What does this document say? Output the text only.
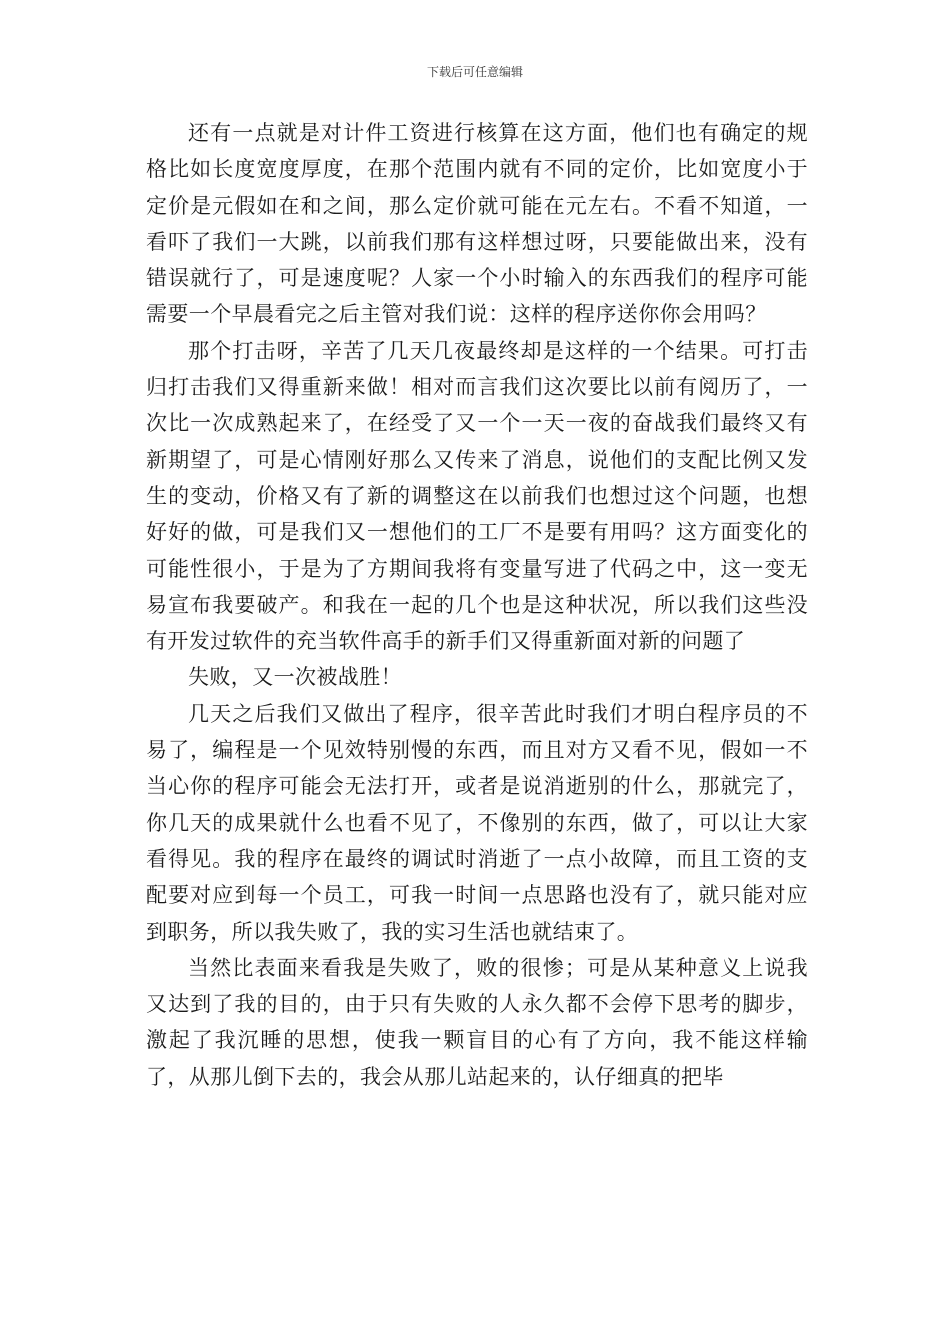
下载后可任意编辑

还有一点就是对计件工资进行核算在这方面，他们也有确定的规格比如长度宽度厚度，在那个范围内就有不同的定价，比如宽度小于定价是元假如在和之间，那么定价就可能在元左右。不看不知道，一看吓了我们一大跳，以前我们那有这样想过呀，只要能做出来，没有错误就行了，可是速度呢？人家一个小时输入的东西我们的程序可能需要一个早晨看完之后主管对我们说：这样的程序送你你会用吗？

那个打击呀，辛苦了几天几夜最终却是这样的一个结果。可打击归打击我们又得重新来做！相对而言我们这次要比以前有阅历了，一次比一次成熟起来了，在经受了又一个一天一夜的奋战我们最终又有新期望了，可是心情刚好那么又传来了消息，说他们的支配比例又发生的变动，价格又有了新的调整这在以前我们也想过这个问题，也想好好的做，可是我们又一想他们的工厂不是要有用吗？这方面变化的可能性很小，于是为了方期间我将有变量写进了代码之中，这一变无易宣布我要破产。和我在一起的几个也是这种状况，所以我们这些没有开发过软件的充当软件高手的新手们又得重新面对新的问题了

失败，又一次被战胜！

几天之后我们又做出了程序，很辛苦此时我们才明白程序员的不易了，编程是一个见效特别慢的东西，而且对方又看不见，假如一不当心你的程序可能会无法打开，或者是说消逝别的什么，那就完了，你几天的成果就什么也看不见了，不像别的东西，做了，可以让大家看得见。我的程序在最终的调试时消逝了一点小故障，而且工资的支配要对应到每一个员工，可我一时间一点思路也没有了，就只能对应到职务，所以我失败了，我的实习生活也就结束了。

当然比表面来看我是失败了，败的很惨；可是从某种意义上说我又达到了我的目的，由于只有失败的人永久都不会停下思考的脚步，激起了我沉睡的思想，使我一颗盲目的心有了方向，我不能这样输了，从那儿倒下去的，我会从那儿站起来的，认仔细真的把毕
